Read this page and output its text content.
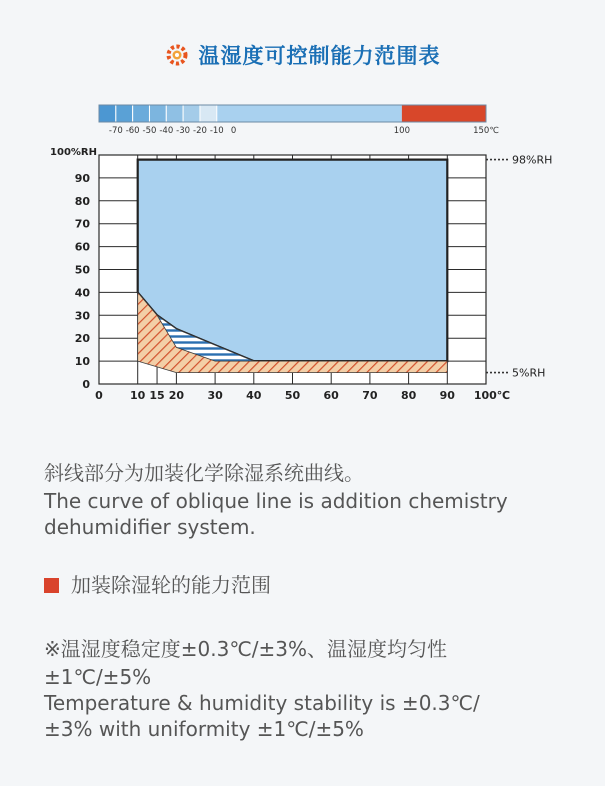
温湿度可控制能力范围表
-70 -60 -50 -40 -30 -20 -10 0	100	150℃
0
10
20
30
40
50
60
70
80
90
100%RH
0 10 15 20 30 40 50 60 70 80 90 100℃
98%RH
5%RH
斜线部分为加装化学除湿系统曲线。
The curve of oblique line is addition chemistry
dehumidifier system.
加装除湿轮的能力范围
※温湿度稳定度±0.3℃/±3%、温湿度均匀性
±1℃/±5%
Temperature & humidity stability is ±0.3℃/
±3% with uniformity ±1℃/±5%
